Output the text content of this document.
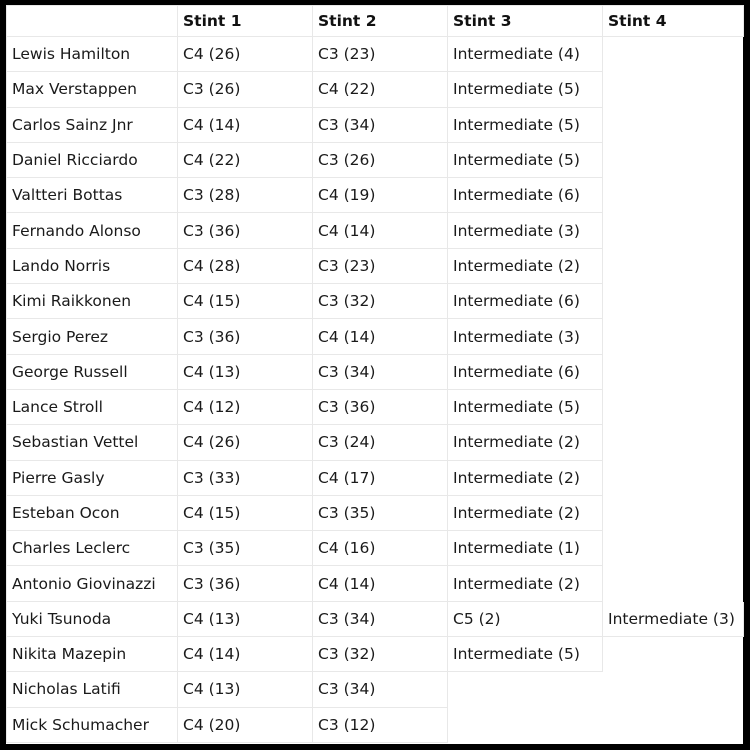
	Stint 1	Stint 2	Stint 3	Stint 4
Lewis Hamilton	C4 (26)	C3 (23)	Intermediate (4)	
Max Verstappen	C3 (26)	C4 (22)	Intermediate (5)	
Carlos Sainz Jnr	C4 (14)	C3 (34)	Intermediate (5)	
Daniel Ricciardo	C4 (22)	C3 (26)	Intermediate (5)	
Valtteri Bottas	C3 (28)	C4 (19)	Intermediate (6)	
Fernando Alonso	C3 (36)	C4 (14)	Intermediate (3)	
Lando Norris	C4 (28)	C3 (23)	Intermediate (2)	
Kimi Raikkonen	C4 (15)	C3 (32)	Intermediate (6)	
Sergio Perez	C3 (36)	C4 (14)	Intermediate (3)	
George Russell	C4 (13)	C3 (34)	Intermediate (6)	
Lance Stroll	C4 (12)	C3 (36)	Intermediate (5)	
Sebastian Vettel	C4 (26)	C3 (24)	Intermediate (2)	
Pierre Gasly	C3 (33)	C4 (17)	Intermediate (2)	
Esteban Ocon	C4 (15)	C3 (35)	Intermediate (2)	
Charles Leclerc	C3 (35)	C4 (16)	Intermediate (1)	
Antonio Giovinazzi	C3 (36)	C4 (14)	Intermediate (2)	
Yuki Tsunoda	C4 (13)	C3 (34)	C5 (2)	Intermediate (3)
Nikita Mazepin	C4 (14)	C3 (32)	Intermediate (5)	
Nicholas Latifi	C4 (13)	C3 (34)		
Mick Schumacher	C4 (20)	C3 (12)		
